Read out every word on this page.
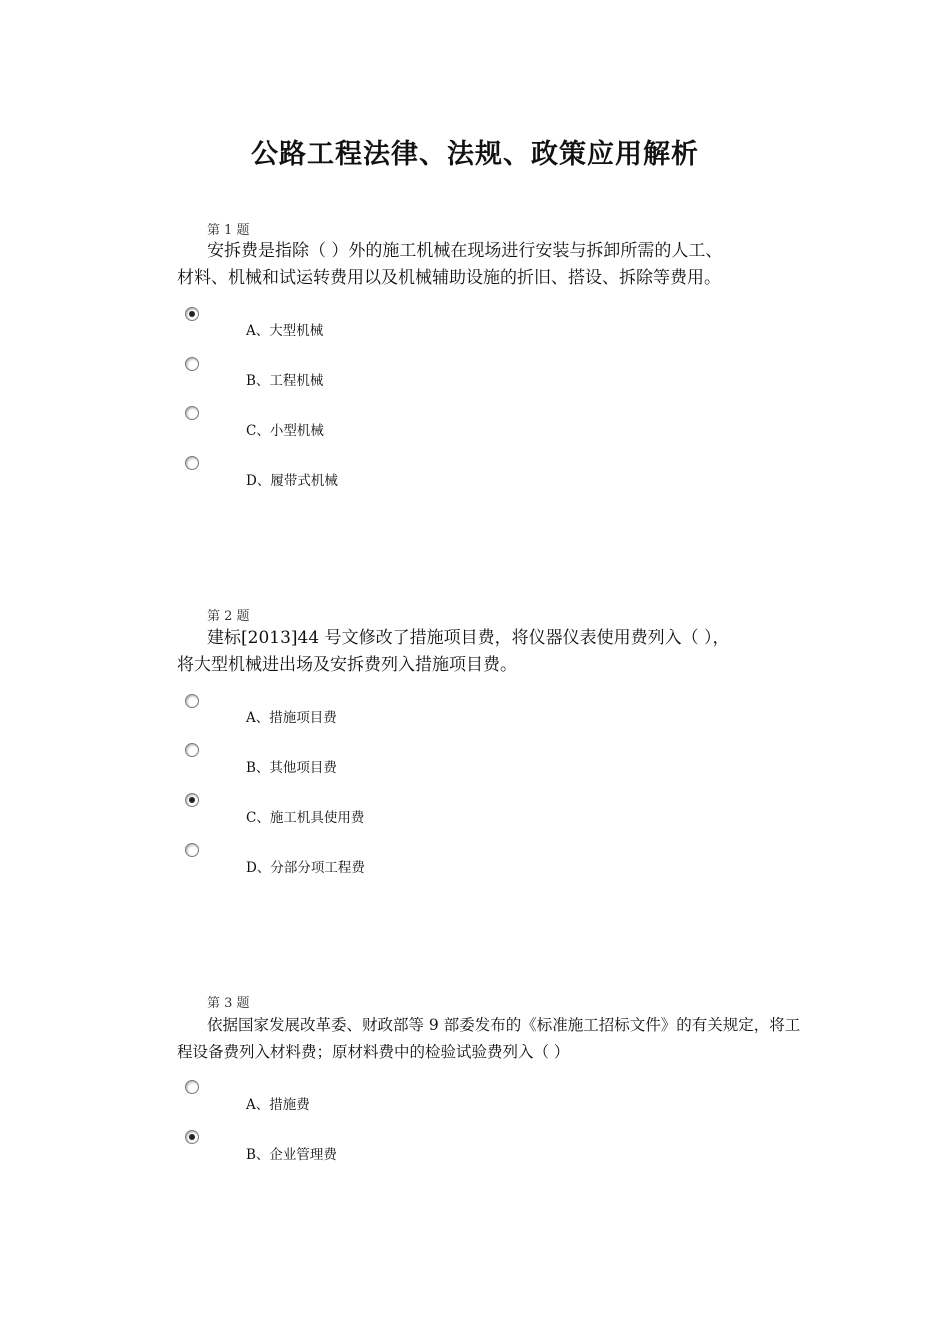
公路工程法律、法规、政策应用解析
第 1 题
安拆费是指除（ ）外的施工机械在现场进行安装与拆卸所需的人工、
材料、机械和试运转费用以及机械辅助设施的折旧、搭设、拆除等费用。
A、大型机械
B、工程机械
C、小型机械
D、履带式机械
第 2 题
建标[2013]44 号文修改了措施项目费，将仪器仪表使用费列入（ ），
将大型机械进出场及安拆费列入措施项目费。
A、措施项目费
B、其他项目费
C、施工机具使用费
D、分部分项工程费
第 3 题
依据国家发展改革委、财政部等 9 部委发布的《标准施工招标文件》的有关规定，将工
程设备费列入材料费；原材料费中的检验试验费列入（ ）
A、措施费
B、企业管理费
